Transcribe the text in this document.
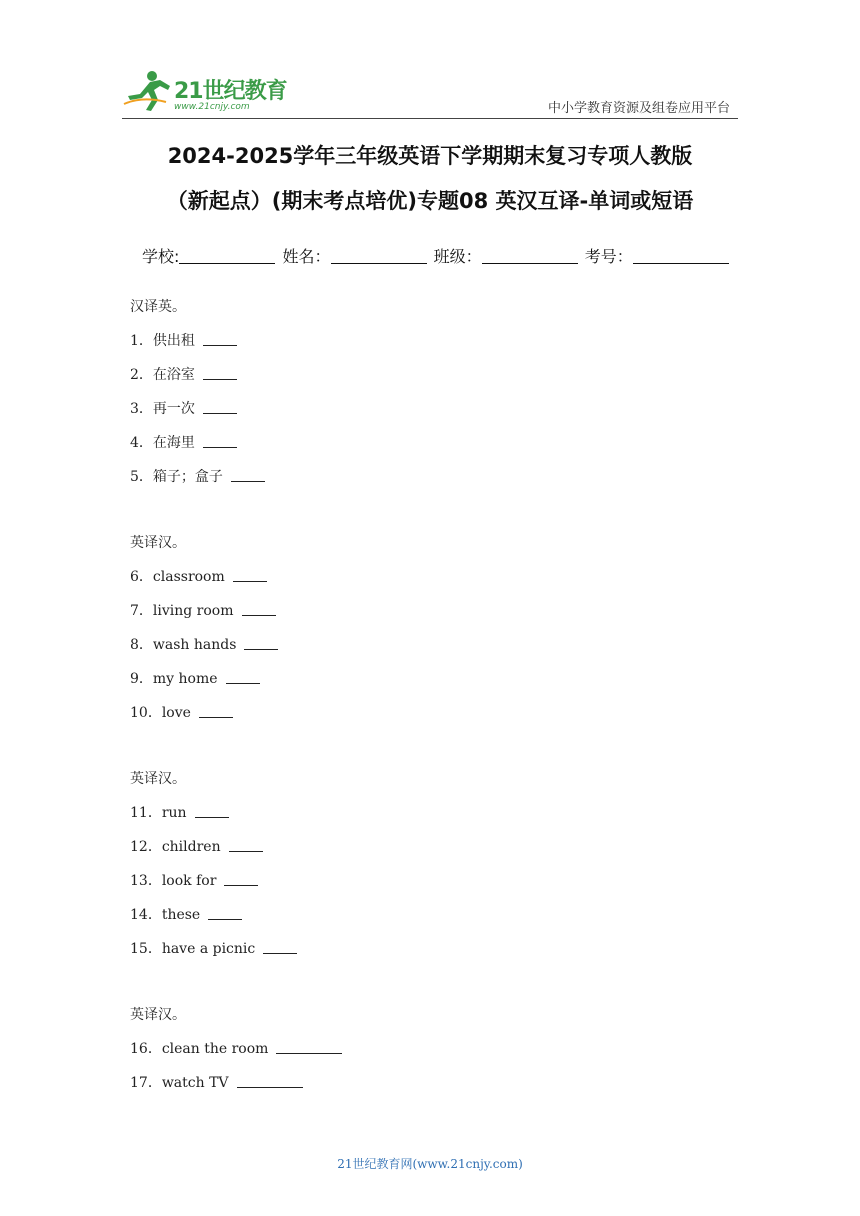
21世纪教育
www.21cnjy.com	中小学教育资源及组卷应用平台
2024-2025学年三年级英语下学期期末复习专项人教版
（新起点）(期末考点培优)专题08 英汉互译-单词或短语
学校:	姓名：	班级：	考号：
汉译英。
1．供出租
2．在浴室
3．再一次
4．在海里
5．箱子；盒子
英译汉。
6．classroom
7．living room
8．wash hands
9．my home
10．love
英译汉。
11．run
12．children
13．look for
14．these
15．have a picnic
英译汉。
16．clean the room
17．watch TV
21世纪教育网(www.21cnjy.com)
